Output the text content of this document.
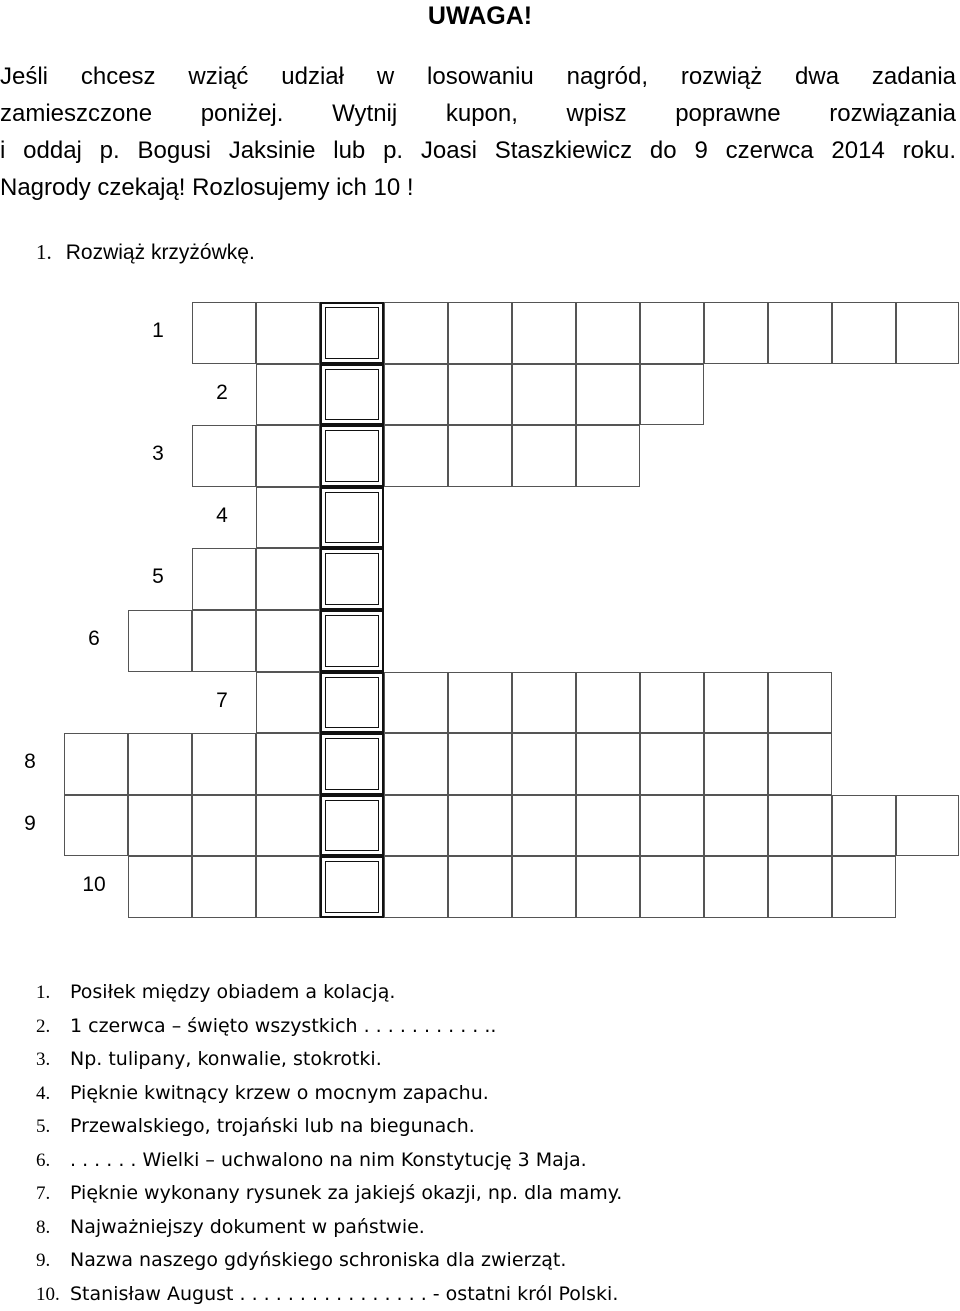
UWAGA!
Jeśli chcesz wziąć udział w losowaniu nagród, rozwiąż dwa zadania
zamieszczone poniżej. Wytnij kupon, wpisz poprawne rozwiązania
i oddaj p. Bogusi Jaksinie lub p. Joasi Staszkiewicz do 9 czerwca 2014 roku.
Nagrody czekają! Rozlosujemy ich 10 !
1. Rozwiąż krzyżówkę.
1
2
3
4
5
6
7
8
9
10
1. Posiłek między obiadem a kolacją.
2. 1 czerwca – święto wszystkich . . . . . . . . . . ..
3. Np. tulipany, konwalie, stokrotki.
4. Pięknie kwitnący krzew o mocnym zapachu.
5. Przewalskiego, trojański lub na biegunach.
6. . . . . . . Wielki – uchwalono na nim Konstytucję 3 Maja.
7. Pięknie wykonany rysunek za jakiejś okazji, np. dla mamy.
8. Najważniejszy dokument w państwie.
9. Nazwa naszego gdyńskiego schroniska dla zwierząt.
10. Stanisław August . . . . . . . . . . . . . . . . - ostatni król Polski.
